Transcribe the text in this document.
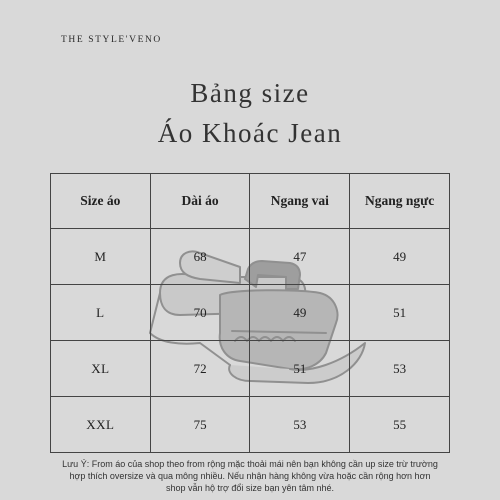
THE STYLE'VENO
Bảng size
Áo Khoác Jean
Size áo	Dài áo	Ngang vai	Ngang ngực
M	68	47	49
L	70	49	51
XL	72	51	53
XXL	75	53	55
Lưu Ý: From áo của shop theo from rộng mặc thoải mái nên bạn không cần up size trừ trường
hợp thích oversize và qua mông nhiều. Nếu nhận hàng không vừa hoặc cần rộng hơn hơn
shop vẫn hộ trợ đổi size bạn yên tâm nhé.
